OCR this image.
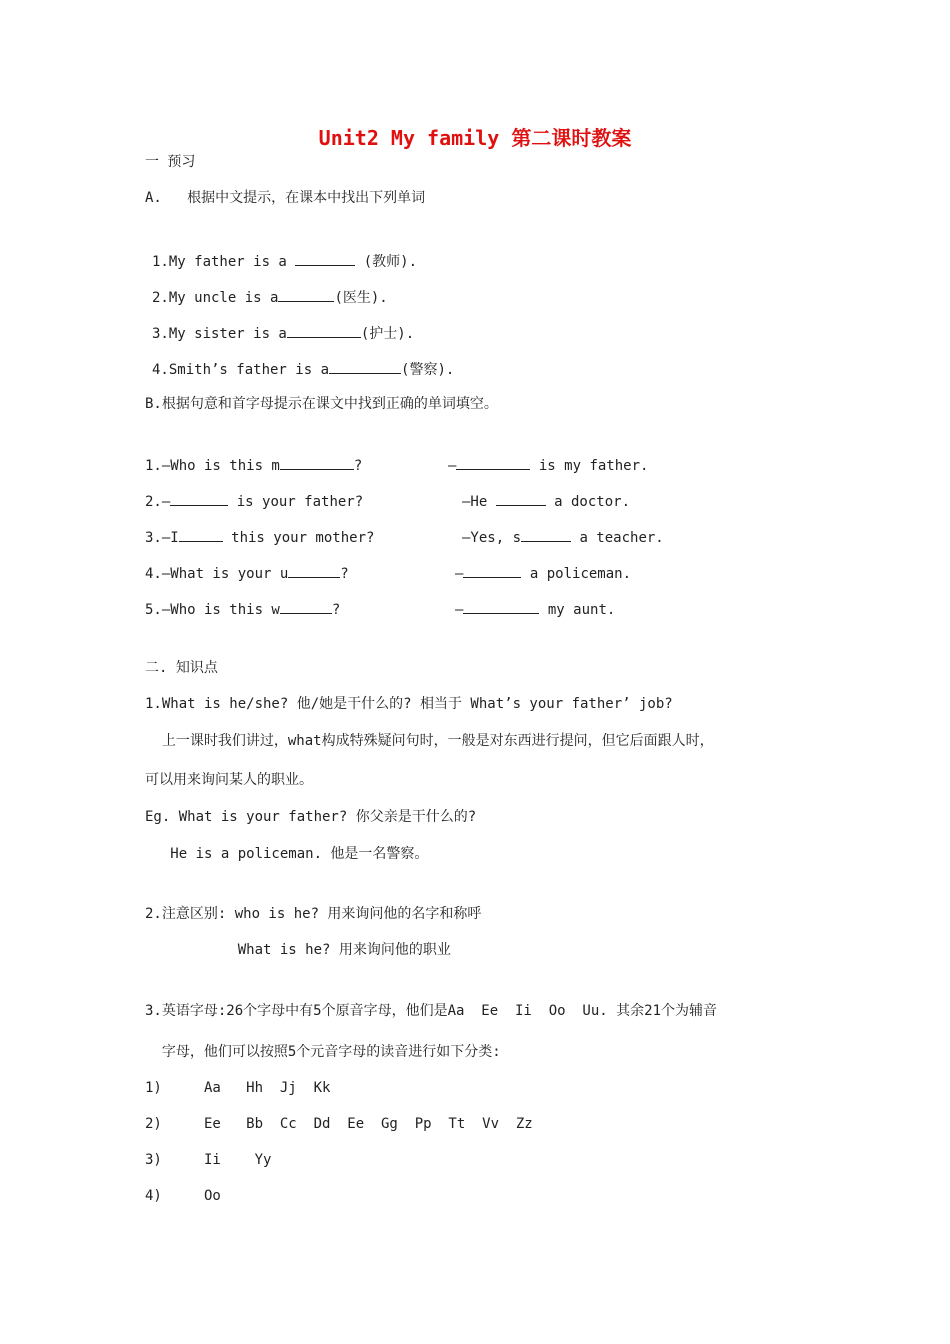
Unit2 My family 第二课时教案
一 预习
A.   根据中文提示，在课本中找出下列单词
1.My father is a	(教师).
2.My uncle is a	(医生).
3.My sister is a	(护士).
4.Smith’s father is a	(警察).
B.根据句意和首字母提示在课文中找到正确的单词填空。
1.—Who is this m	?	—	is my father.
2.—	is your father?	—He	a doctor.
3.—I	this your mother?	—Yes, s	a teacher.
4.—What is your u	?	—	a policeman.
5.—Who is this w	?	—	my aunt.
二. 知识点
1.What is he/she? 他/她是干什么的? 相当于 What’s your father’ job?
上一课时我们讲过，what构成特殊疑问句时，一般是对东西进行提问，但它后面跟人时，
可以用来询问某人的职业。
Eg. What is your father? 你父亲是干什么的?
He is a policeman. 他是一名警察。
2.注意区别: who is he? 用来询问他的名字和称呼
What is he? 用来询问他的职业
3.英语字母:26个字母中有5个原音字母，他们是Aa  Ee  Ii  Oo  Uu. 其余21个为辅音
字母，他们可以按照5个元音字母的读音进行如下分类:
1)     Aa   Hh  Jj  Kk
2)     Ee   Bb  Cc  Dd  Ee  Gg  Pp  Tt  Vv  Zz
3)     Ii    Yy
4)     Oo
